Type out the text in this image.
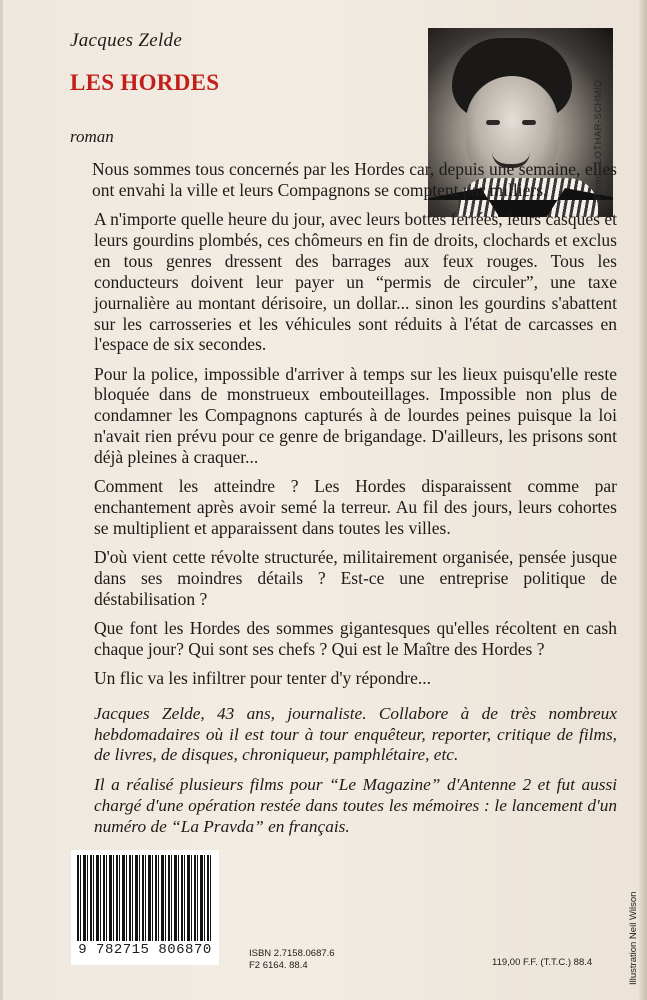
Jacques Zelde
LES HORDES
roman	Photo : LOTHAR-SCHMID

Nous sommes tous concernés par les Hordes car, depuis une semaine, elles ont envahi la ville et leurs Compagnons se comptent par milliers.

A n'importe quelle heure du jour, avec leurs bottes ferrées, leurs casques et leurs gourdins plombés, ces chômeurs en fin de droits, clochards et exclus en tous genres dressent des barrages aux feux rouges. Tous les conducteurs doivent leur payer un “permis de circuler”, une taxe journalière au montant dérisoire, un dollar... sinon les gourdins s'abattent sur les carrosseries et les véhicules sont réduits à l'état de carcasses en l'espace de six secondes.

Pour la police, impossible d'arriver à temps sur les lieux puisqu'elle reste bloquée dans de monstrueux embouteillages. Impossible non plus de condamner les Compagnons capturés à de lourdes peines puisque la loi n'avait rien prévu pour ce genre de brigandage. D'ailleurs, les prisons sont déjà pleines à craquer...

Comment les atteindre ? Les Hordes disparaissent comme par enchantement après avoir semé la terreur. Au fil des jours, leurs cohortes se multiplient et apparaissent dans toutes les villes.

D'où vient cette révolte structurée, militairement organisée, pensée jusque dans ses moindres détails ? Est-ce une entreprise politique de déstabilisation ?

Que font les Hordes des sommes gigantesques qu'elles récoltent en cash chaque jour? Qui sont ses chefs ? Qui est le Maître des Hordes ?

Un flic va les infiltrer pour tenter d'y répondre...

Jacques Zelde, 43 ans, journaliste. Collabore à de très nombreux hebdomadaires où il est tour à tour enquêteur, reporter, critique de films, de livres, de disques, chroniqueur, pamphlétaire, etc.

Il a réalisé plusieurs films pour “Le Magazine” d'Antenne 2 et fut aussi chargé d'une opération restée dans toutes les mémoires : le lancement d'un numéro de “La Pravda” en français.

Illustration Neil Wilson
9 782715 806870	ISBN 2.7158.0687.6
F2 6164. 88.4	119,00 F.F. (T.T.C.) 88.4
